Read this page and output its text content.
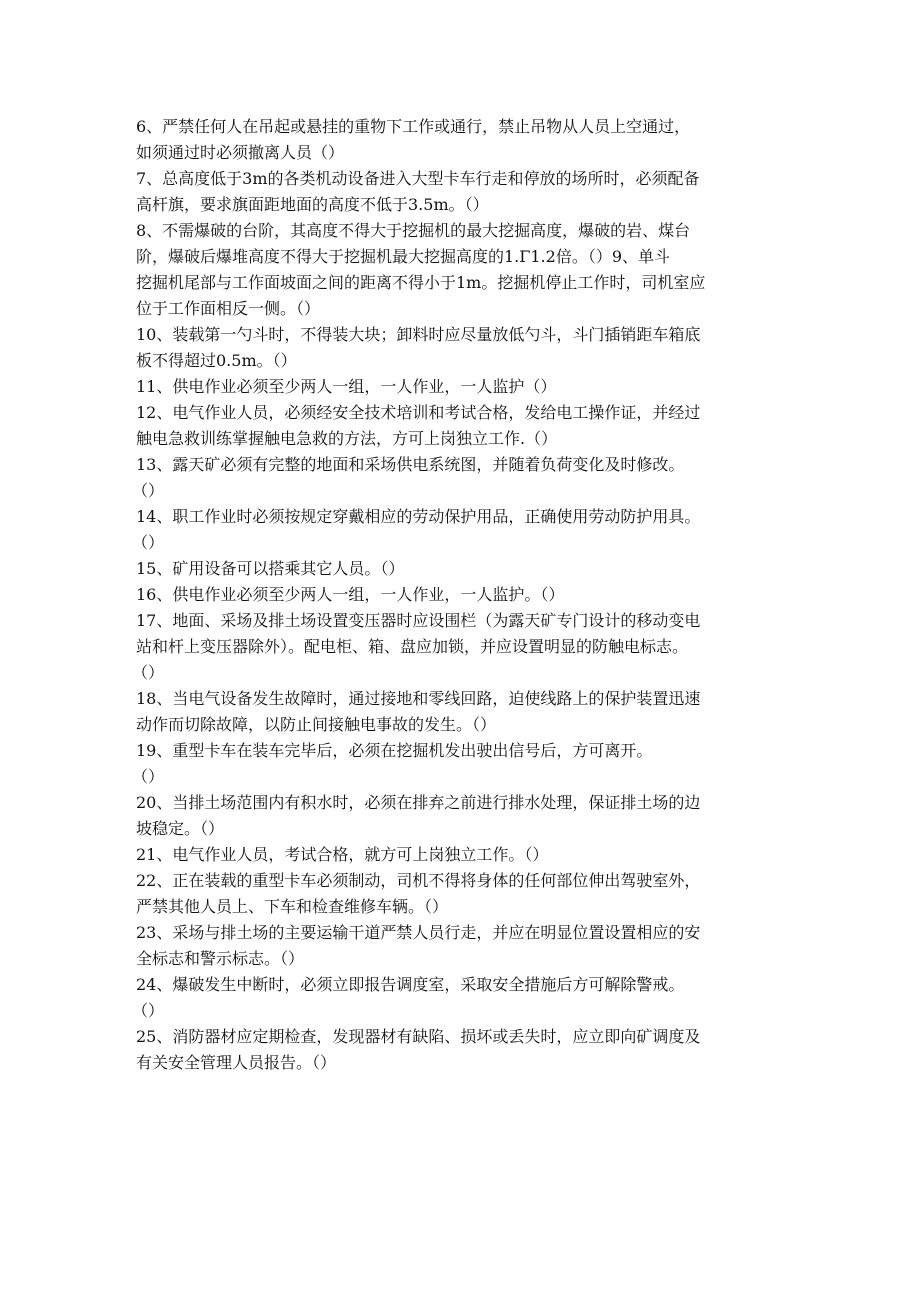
6、严禁任何人在吊起或悬挂的重物下工作或通行，禁止吊物从人员上空通过，
如须通过时必须撤离人员（）
7、总高度低于3m的各类机动设备进入大型卡车行走和停放的场所时，必须配备
高杆旗，要求旗面距地面的高度不低于3.5m。（）
8、不需爆破的台阶，其高度不得大于挖掘机的最大挖掘高度，爆破的岩、煤台
阶，爆破后爆堆高度不得大于挖掘机最大挖掘高度的1.Γ1.2倍。（）9、单斗
挖掘机尾部与工作面坡面之间的距离不得小于1m。挖掘机停止工作时，司机室应
位于工作面相反一侧。（）
10、装载第一勺斗时，不得装大块；卸料时应尽量放低勺斗，斗门插销距车箱底
板不得超过0.5m。（）
11、供电作业必须至少两人一组，一人作业，一人监护（）
12、电气作业人员，必须经安全技术培训和考试合格，发给电工操作证，并经过
触电急救训练掌握触电急救的方法，方可上岗独立工作.（）
13、露天矿必须有完整的地面和采场供电系统图，并随着负荷变化及时修改。
（）
14、职工作业时必须按规定穿戴相应的劳动保护用品，正确使用劳动防护用具。
（）
15、矿用设备可以搭乘其它人员。（）
16、供电作业必须至少两人一组，一人作业，一人监护。（）
17、地面、采场及排土场设置变压器时应设围栏（为露天矿专门设计的移动变电
站和杆上变压器除外）。配电柜、箱、盘应加锁，并应设置明显的防触电标志。
（）
18、当电气设备发生故障时，通过接地和零线回路，迫使线路上的保护装置迅速
动作而切除故障，以防止间接触电事故的发生。（）
19、重型卡车在装车完毕后，必须在挖掘机发出驶出信号后，方可离开。
（）
20、当排土场范围内有积水时，必须在排弃之前进行排水处理，保证排土场的边
坡稳定。（）
21、电气作业人员，考试合格，就方可上岗独立工作。（）
22、正在装载的重型卡车必须制动，司机不得将身体的任何部位伸出驾驶室外，
严禁其他人员上、下车和检查维修车辆。（）
23、采场与排土场的主要运输干道严禁人员行走，并应在明显位置设置相应的安
全标志和警示标志。（）
24、爆破发生中断时，必须立即报告调度室，采取安全措施后方可解除警戒。
（）
25、消防器材应定期检查，发现器材有缺陷、损坏或丢失时，应立即向矿调度及
有关安全管理人员报告。（）
